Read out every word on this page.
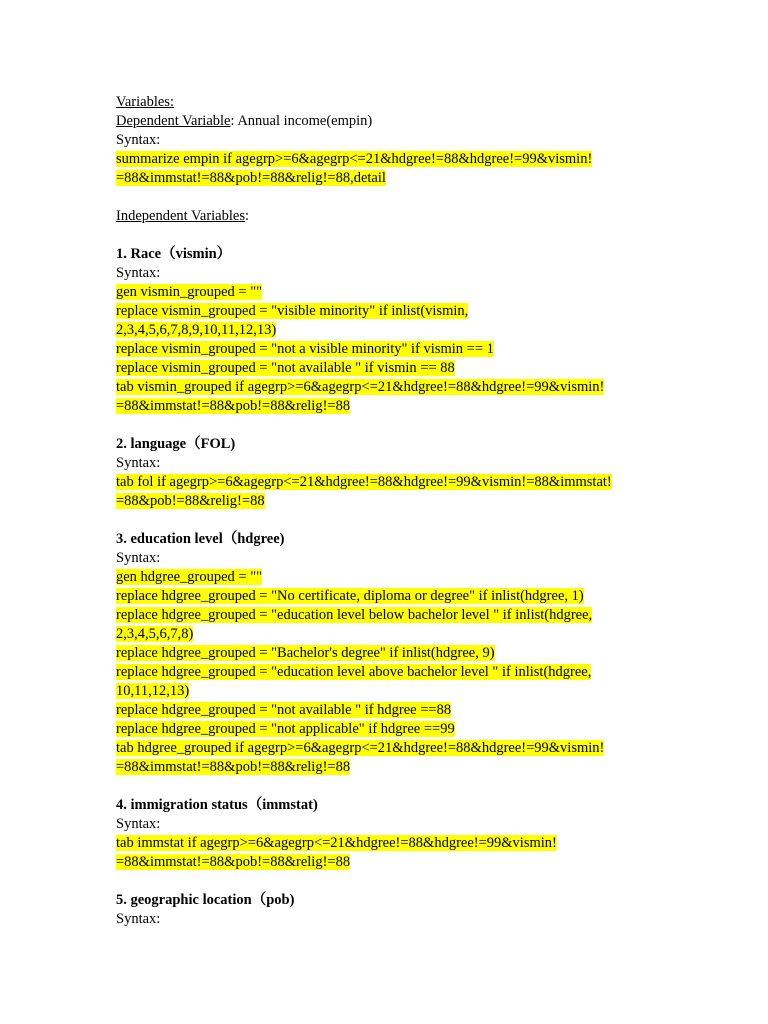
Variables:
Dependent Variable: Annual income(empin)
Syntax:
summarize empin if agegrp>=6&agegrp<=21&hdgree!=88&hdgree!=99&vismin!
=88&immstat!=88&pob!=88&relig!=88,detail
Independent Variables:
1. Race（vismin）
Syntax:
gen vismin_grouped = ""
replace vismin_grouped = "visible minority" if inlist(vismin,
2,3,4,5,6,7,8,9,10,11,12,13)
replace vismin_grouped = "not a visible minority" if vismin == 1
replace vismin_grouped = "not available " if vismin == 88
tab vismin_grouped if agegrp>=6&agegrp<=21&hdgree!=88&hdgree!=99&vismin!
=88&immstat!=88&pob!=88&relig!=88
2. language（FOL)
Syntax:
tab fol if agegrp>=6&agegrp<=21&hdgree!=88&hdgree!=99&vismin!=88&immstat!
=88&pob!=88&relig!=88
3. education level（hdgree)
Syntax:
gen hdgree_grouped = ""
replace hdgree_grouped = "No certificate, diploma or degree" if inlist(hdgree, 1)
replace hdgree_grouped = "education level below bachelor level " if inlist(hdgree,
2,3,4,5,6,7,8)
replace hdgree_grouped = "Bachelor's degree" if inlist(hdgree, 9)
replace hdgree_grouped = "education level above bachelor level " if inlist(hdgree,
10,11,12,13)
replace hdgree_grouped = "not available " if hdgree ==88
replace hdgree_grouped = "not applicable" if hdgree ==99
tab hdgree_grouped if agegrp>=6&agegrp<=21&hdgree!=88&hdgree!=99&vismin!
=88&immstat!=88&pob!=88&relig!=88
4. immigration status（immstat)
Syntax:
tab immstat if agegrp>=6&agegrp<=21&hdgree!=88&hdgree!=99&vismin!
=88&immstat!=88&pob!=88&relig!=88
5. geographic location（pob)
Syntax:
